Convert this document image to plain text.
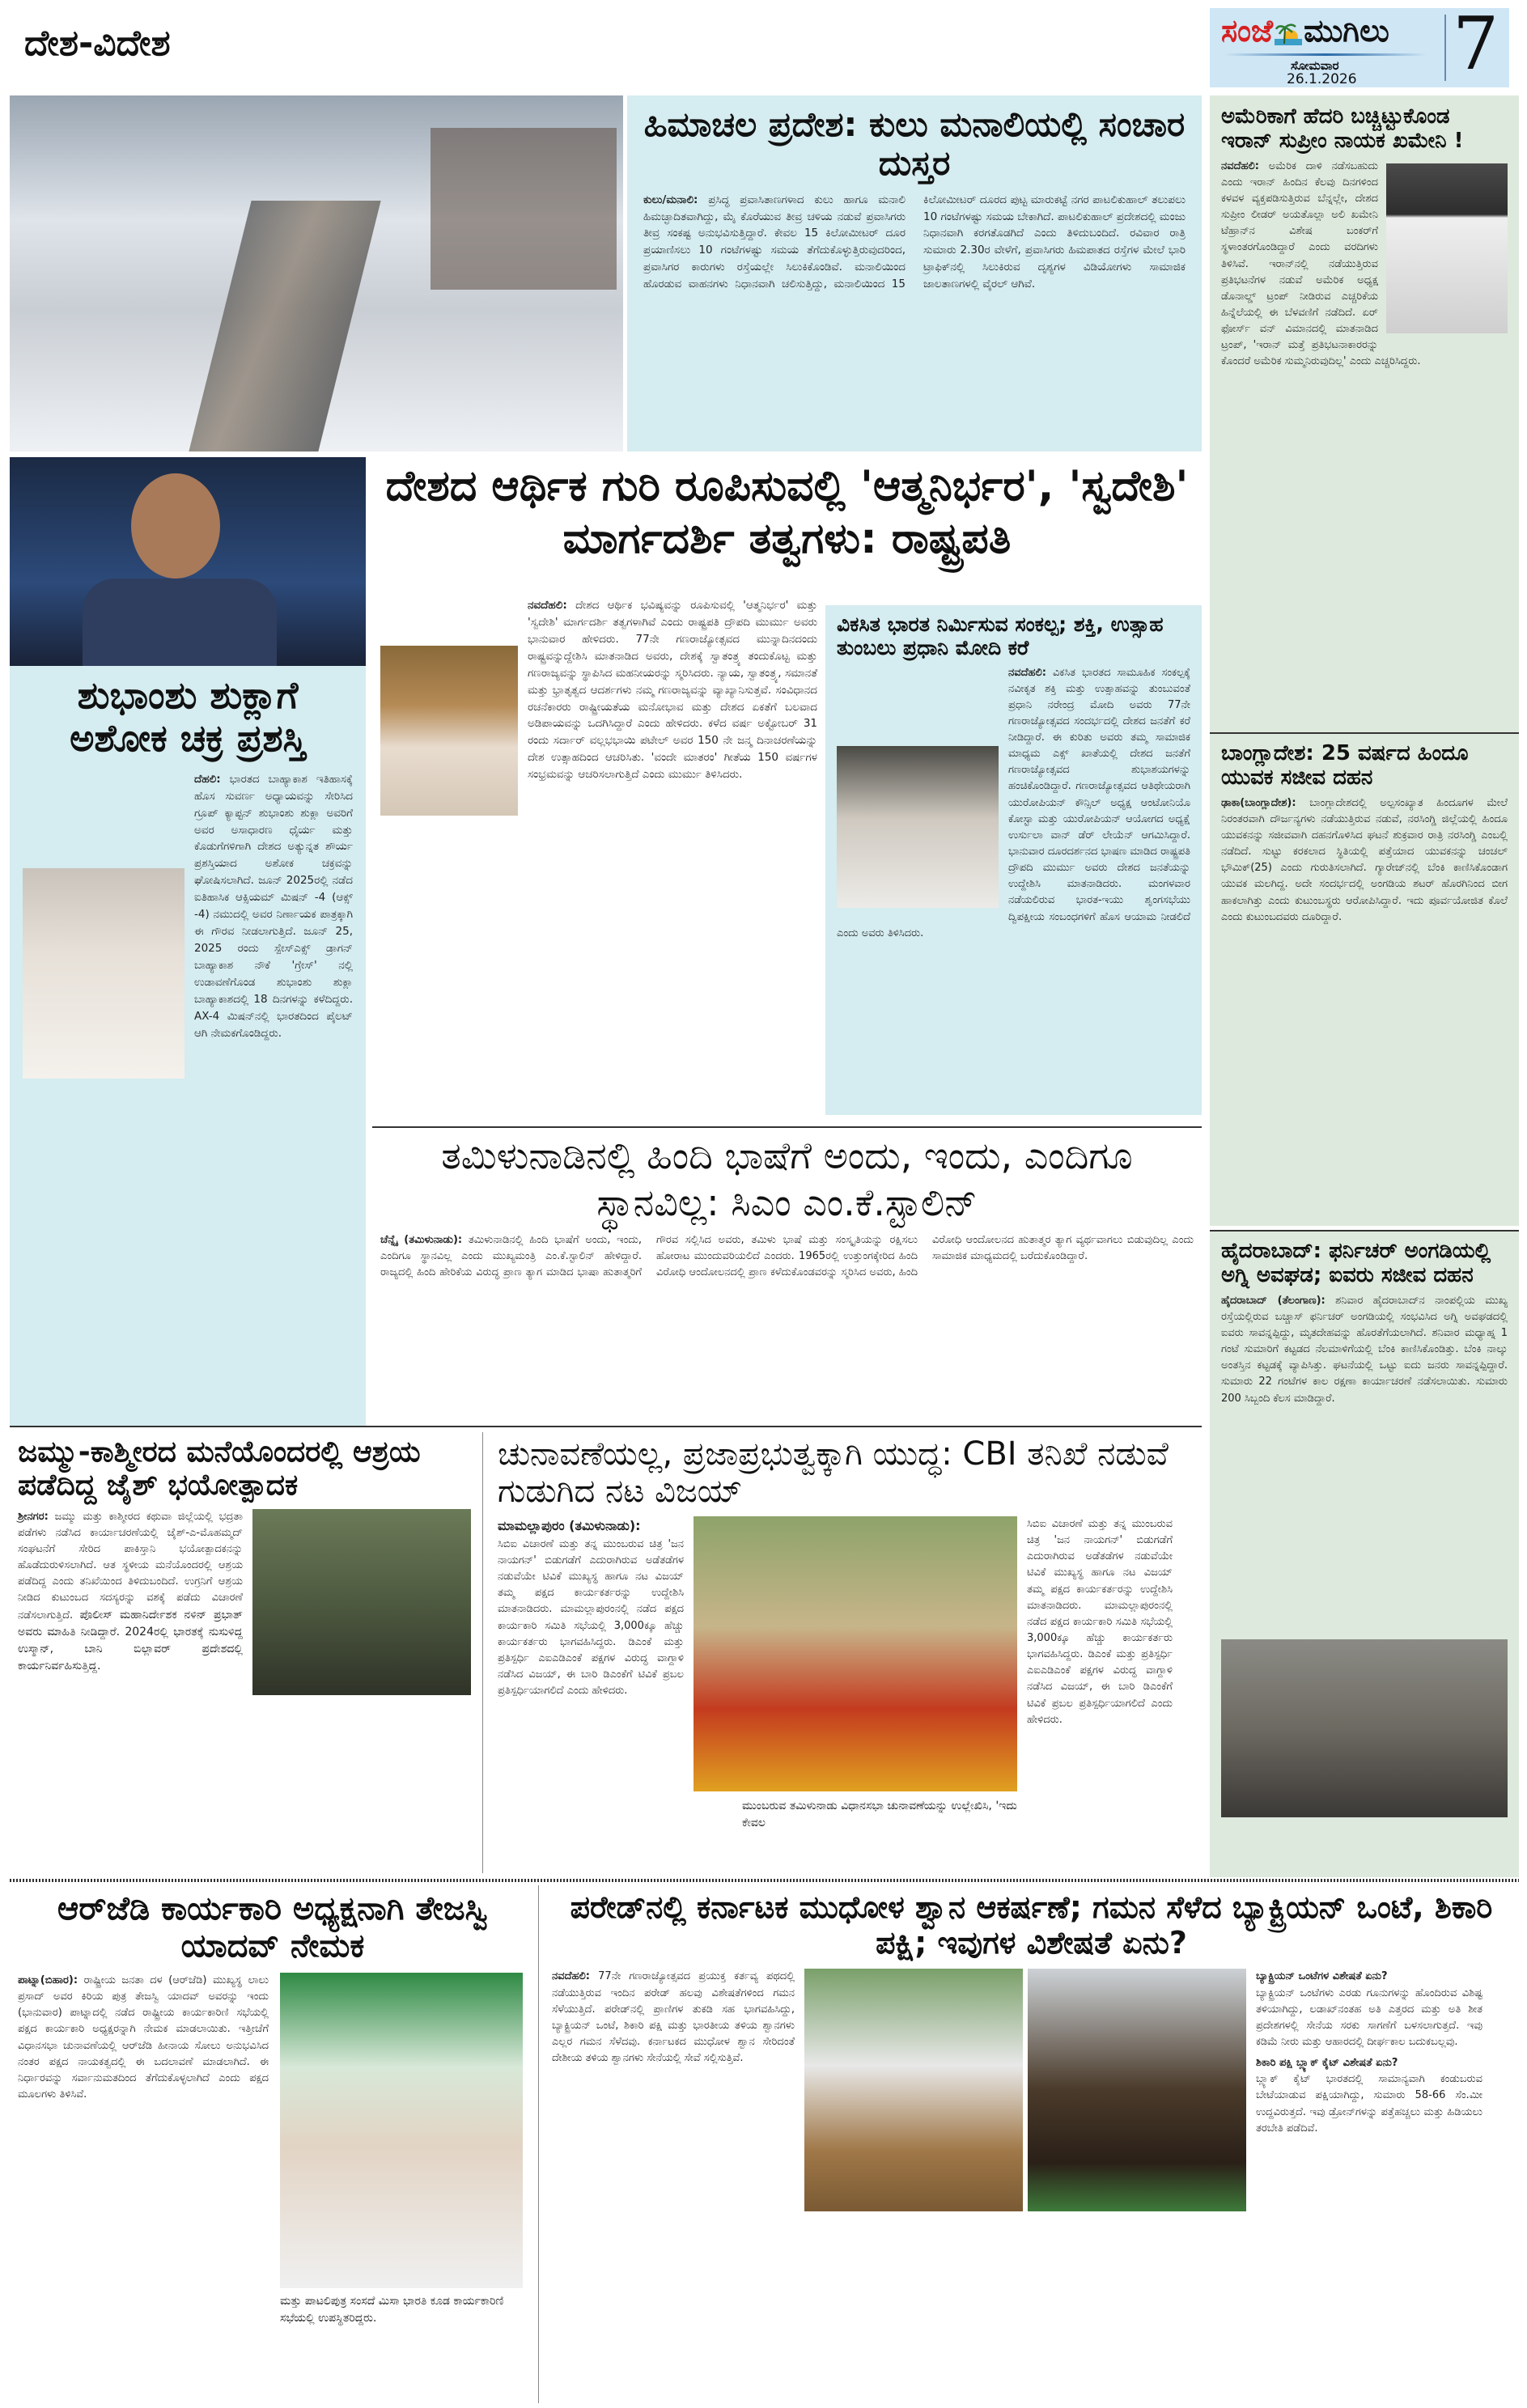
ದೇಶ-ವಿದೇಶ	ಸಂಜೆ ಮುಗಿಲು
ಸೋಮವಾರ
26.1.2026 7
ಹಿಮಾಚಲ ಪ್ರದೇಶ: ಕುಲು ಮನಾಲಿಯಲ್ಲಿ ಸಂಚಾರ ದುಸ್ತರ
ಕುಲು/ಮನಾಲಿ: ಪ್ರಸಿದ್ಧ ಪ್ರವಾಸಿತಾಣಗಳಾದ ಕುಲು ಹಾಗೂ ಮನಾಲಿ ಹಿಮಚ್ಛಾದಿತವಾಗಿದ್ದು, ಮೈ ಕೊರೆಯುವ ತೀವ್ರ ಚಳಿಯ ನಡುವೆ ಪ್ರವಾಸಿಗರು ತೀವ್ರ ಸಂಕಷ್ಟ ಅನುಭವಿಸುತ್ತಿದ್ದಾರೆ. ಕೇವಲ 15 ಕಿಲೋಮೀಟರ್ ದೂರ ಪ್ರಯಾಣಿಸಲು 10 ಗಂಟೆಗಳಷ್ಟು ಸಮಯ ತೆಗೆದುಕೊಳ್ಳುತ್ತಿರುವುದರಿಂದ, ಪ್ರವಾಸಿಗರ ಕಾರುಗಳು ರಸ್ತೆಯಲ್ಲೇ ಸಿಲುಕಿಕೊಂಡಿವೆ. ಮನಾಲಿಯಿಂದ ಹೊರಡುವ ವಾಹನಗಳು ನಿಧಾನವಾಗಿ ಚಲಿಸುತ್ತಿದ್ದು, ಮನಾಲಿಯಿಂದ 15 ಕಿಲೋಮೀಟರ್ ದೂರದ ಪುಟ್ಟ ಮಾರುಕಟ್ಟೆ ನಗರ ಪಾಟಲಿಕುಹಾಲ್ ತಲುಪಲು 10 ಗಂಟೆಗಳಷ್ಟು ಸಮಯ ಬೇಕಾಗಿದೆ. ಪಾಟಲಿಕುಹಾಲ್ ಪ್ರದೇಶದಲ್ಲಿ ಮಂಜು ನಿಧಾನವಾಗಿ ಕರಗತೊಡಗಿದೆ ಎಂದು ತಿಳಿದುಬಂದಿದೆ. ರವಿವಾರ ರಾತ್ರಿ ಸುಮಾರು 2.30ರ ವೇಳೆಗೆ, ಪ್ರವಾಸಿಗರು ಹಿಮಪಾತದ ರಸ್ತೆಗಳ ಮೇಲೆ ಭಾರಿ ಟ್ರಾಫಿಕ್‌ನಲ್ಲಿ ಸಿಲುಕಿರುವ ದೃಶ್ಯಗಳ ವಿಡಿಯೋಗಳು ಸಾಮಾಜಿಕ ಜಾಲತಾಣಗಳಲ್ಲಿ ವೈರಲ್ ಆಗಿವೆ.
ಅಮೆರಿಕಾಗೆ ಹೆದರಿ ಬಚ್ಚಿಟ್ಟುಕೊಂಡ ಇರಾನ್ ಸುಪ್ರೀಂ ನಾಯಕ ಖಮೇನಿ !
ನವದೆಹಲಿ: ಅಮೆರಿಕ ದಾಳಿ ನಡೆಸಬಹುದು ಎಂದು ಇರಾನ್ ಹಿಂದಿನ ಕೆಲವು ದಿನಗಳಿಂದ ಕಳವಳ ವ್ಯಕ್ತಪಡಿಸುತ್ತಿರುವ ಬೆನ್ನಲ್ಲೇ, ದೇಶದ ಸುಪ್ರೀಂ ಲೀಡರ್ ಅಯತೊಲ್ಲಾ ಅಲಿ ಖಮೇನಿ ಟೆಹ್ರಾನ್‌ನ ವಿಶೇಷ ಬಂಕರ್‌ಗೆ ಸ್ಥಳಾಂತರಗೊಂಡಿದ್ದಾರೆ ಎಂದು ವರದಿಗಳು ತಿಳಿಸಿವೆ. ಇರಾನ್‌ನಲ್ಲಿ ನಡೆಯುತ್ತಿರುವ ಪ್ರತಿಭಟನೆಗಳ ನಡುವೆ ಅಮೆರಿಕ ಅಧ್ಯಕ್ಷ ಡೊನಾಲ್ಡ್ ಟ್ರಂಪ್ ನೀಡಿರುವ ಎಚ್ಚರಿಕೆಯ ಹಿನ್ನೆಲೆಯಲ್ಲಿ ಈ ಬೆಳವಣಿಗೆ ನಡೆದಿದೆ. ಏರ್ ಫೋರ್ಸ್ ವನ್ ವಿಮಾನದಲ್ಲಿ ಮಾತನಾಡಿದ ಟ್ರಂಪ್, 'ಇರಾನ್ ಮತ್ತೆ ಪ್ರತಿಭಟನಾಕಾರರನ್ನು ಕೊಂದರೆ ಅಮೆರಿಕ ಸುಮ್ಮನಿರುವುದಿಲ್ಲ' ಎಂದು ಎಚ್ಚರಿಸಿದ್ದರು.
ಬಾಂಗ್ಲಾದೇಶ: 25 ವರ್ಷದ ಹಿಂದೂ ಯುವಕ ಸಜೀವ ದಹನ
ಢಾಕಾ(ಬಾಂಗ್ಲಾದೇಶ): ಬಾಂಗ್ಲಾದೇಶದಲ್ಲಿ ಅಲ್ಪಸಂಖ್ಯಾತ ಹಿಂದೂಗಳ ಮೇಲೆ ನಿರಂತರವಾಗಿ ದೌರ್ಜನ್ಯಗಳು ನಡೆಯುತ್ತಿರುವ ನಡುವೆ, ನರಸಿಂಗ್ಡಿ ಜಿಲ್ಲೆಯಲ್ಲಿ ಹಿಂದೂ ಯುವಕನನ್ನು ಸಜೀವವಾಗಿ ದಹನಗೊಳಿಸಿದ ಘಟನೆ ಶುಕ್ರವಾರ ರಾತ್ರಿ ನರಸಿಂಗ್ಡಿ ಎಂಬಲ್ಲಿ ನಡೆದಿದೆ. ಸುಟ್ಟು ಕರಕಲಾದ ಸ್ಥಿತಿಯಲ್ಲಿ ಪತ್ತೆಯಾದ ಯುವಕನನ್ನು ಚಂಚಲ್ ಭೌಮಿಕ್(25) ಎಂದು ಗುರುತಿಸಲಾಗಿದೆ. ಗ್ಯಾರೇಜ್‌ನಲ್ಲಿ ಬೆಂಕಿ ಕಾಣಿಸಿಕೊಂಡಾಗ ಯುವಕ ಮಲಗಿದ್ದ. ಅದೇ ಸಂದರ್ಭದಲ್ಲಿ ಅಂಗಡಿಯ ಶಟರ್ ಹೊರಗಿನಿಂದ ಬೀಗ ಹಾಕಲಾಗಿತ್ತು ಎಂದು ಕುಟುಂಬಸ್ಥರು ಆರೋಪಿಸಿದ್ದಾರೆ. ಇದು ಪೂರ್ವಯೋಜಿತ ಕೊಲೆ ಎಂದು ಕುಟುಂಬದವರು ದೂರಿದ್ದಾರೆ.
ಹೈದರಾಬಾದ್: ಫರ್ನಿಚರ್ ಅಂಗಡಿಯಲ್ಲಿ ಅಗ್ನಿ ಅವಘಡ; ಐವರು ಸಜೀವ ದಹನ
ಹೈದರಾಬಾದ್ (ತೆಲಂಗಾಣ): ಶನಿವಾರ ಹೈದರಾಬಾದ್‌ನ ನಾಂಪಲ್ಲಿಯ ಮುಖ್ಯ ರಸ್ತೆಯಲ್ಲಿರುವ ಬಚ್ಚಾಸ್ ಫರ್ನಿಚರ್ ಅಂಗಡಿಯಲ್ಲಿ ಸಂಭವಿಸಿದ ಅಗ್ನಿ ಅವಘಡದಲ್ಲಿ ಐವರು ಸಾವನ್ನಪ್ಪಿದ್ದು, ಮೃತದೇಹವನ್ನು ಹೊರತೆಗೆಯಲಾಗಿದೆ. ಶನಿವಾರ ಮಧ್ಯಾಹ್ನ 1 ಗಂಟೆ ಸುಮಾರಿಗೆ ಕಟ್ಟಡದ ನೆಲಮಾಳಿಗೆಯಲ್ಲಿ ಬೆಂಕಿ ಕಾಣಿಸಿಕೊಂಡಿತ್ತು. ಬೆಂಕಿ ನಾಲ್ಕು ಅಂತಸ್ತಿನ ಕಟ್ಟಡಕ್ಕೆ ವ್ಯಾಪಿಸಿತ್ತು. ಘಟನೆಯಲ್ಲಿ ಒಟ್ಟು ಐದು ಜನರು ಸಾವನ್ನಪ್ಪಿದ್ದಾರೆ. ಸುಮಾರು 22 ಗಂಟೆಗಳ ಕಾಲ ರಕ್ಷಣಾ ಕಾರ್ಯಾಚರಣೆ ನಡೆಸಲಾಯಿತು. ಸುಮಾರು 200 ಸಿಬ್ಬಂದಿ ಕೆಲಸ ಮಾಡಿದ್ದಾರೆ.
ಶುಭಾಂಶು ಶುಕ್ಲಾಗೆ ಅಶೋಕ ಚಕ್ರ ಪ್ರಶಸ್ತಿ
ದೆಹಲಿ: ಭಾರತದ ಬಾಹ್ಯಾಕಾಶ ಇತಿಹಾಸಕ್ಕೆ ಹೊಸ ಸುವರ್ಣ ಅಧ್ಯಾಯವನ್ನು ಸೇರಿಸಿದ ಗ್ರೂಪ್ ಕ್ಯಾಪ್ಟನ್ ಶುಭಾಂಶು ಶುಕ್ಲಾ ಅವರಿಗೆ ಅವರ ಅಸಾಧಾರಣ ಧೈರ್ಯ ಮತ್ತು ಕೊಡುಗೆಗಳಿಗಾಗಿ ದೇಶದ ಅತ್ಯುನ್ನತ ಶೌರ್ಯ ಪ್ರಶಸ್ತಿಯಾದ ಅಶೋಕ ಚಕ್ರವನ್ನು ಘೋಷಿಸಲಾಗಿದೆ. ಜೂನ್ 2025ರಲ್ಲಿ ನಡೆದ ಐತಿಹಾಸಿಕ ಆಕ್ಸಿಯಮ್ ಮಿಷನ್ -4 (ಆಕ್ಸ್ -4) ನಮುದಲ್ಲಿ ಅವರ ನಿರ್ಣಾಯಕ ಪಾತ್ರಕ್ಕಾಗಿ ಈ ಗೌರವ ನೀಡಲಾಗುತ್ತಿದೆ. ಜೂನ್ 25, 2025 ರಂದು ಸ್ಪೇಸ್‌ಎಕ್ಸ್ ಡ್ರಾಗನ್ ಬಾಹ್ಯಾಕಾಶ ನೌಕೆ 'ಗ್ರೇಸ್' ನಲ್ಲಿ ಉಡಾವಣೆಗೊಂಡ ಶುಭಾಂಶು ಶುಕ್ಲಾ ಬಾಹ್ಯಾಕಾಶದಲ್ಲಿ 18 ದಿನಗಳನ್ನು ಕಳೆದಿದ್ದರು. AX-4 ಮಿಷನ್‌ನಲ್ಲಿ ಭಾರತದಿಂದ ಪೈಲಟ್ ಆಗಿ ನೇಮಕಗೊಂಡಿದ್ದರು.
ದೇಶದ ಆರ್ಥಿಕ ಗುರಿ ರೂಪಿಸುವಲ್ಲಿ 'ಆತ್ಮನಿರ್ಭರ', 'ಸ್ವದೇಶಿ' ಮಾರ್ಗದರ್ಶಿ ತತ್ವಗಳು: ರಾಷ್ಟ್ರಪತಿ
ನವದೆಹಲಿ: ದೇಶದ ಆರ್ಥಿಕ ಭವಿಷ್ಯವನ್ನು ರೂಪಿಸುವಲ್ಲಿ 'ಆತ್ಮನಿರ್ಭರ' ಮತ್ತು 'ಸ್ವದೇಶಿ' ಮಾರ್ಗದರ್ಶಿ ತತ್ವಗಳಾಗಿವೆ ಎಂದು ರಾಷ್ಟ್ರಪತಿ ದ್ರೌಪದಿ ಮುರ್ಮು ಅವರು ಭಾನುವಾರ ಹೇಳಿದರು. 77ನೇ ಗಣರಾಜ್ಯೋತ್ಸವದ ಮುನ್ನಾದಿನದಂದು ರಾಷ್ಟ್ರವನ್ನುದ್ದೇಶಿಸಿ ಮಾತನಾಡಿದ ಅವರು, ದೇಶಕ್ಕೆ ಸ್ವಾತಂತ್ರ್ಯ ತಂದುಕೊಟ್ಟ ಮತ್ತು ಗಣರಾಜ್ಯವನ್ನು ಸ್ಥಾಪಿಸಿದ ಮಹನೀಯರನ್ನು ಸ್ಮರಿಸಿದರು. ನ್ಯಾಯ, ಸ್ವಾತಂತ್ರ್ಯ, ಸಮಾನತೆ ಮತ್ತು ಭ್ರಾತೃತ್ವದ ಆದರ್ಶಗಳು ನಮ್ಮ ಗಣರಾಜ್ಯವನ್ನು ವ್ಯಾಖ್ಯಾನಿಸುತ್ತವೆ. ಸಂವಿಧಾನದ ರಚನೆಕಾರರು ರಾಷ್ಟ್ರೀಯತೆಯ ಮನೋಭಾವ ಮತ್ತು ದೇಶದ ಏಕತೆಗೆ ಬಲವಾದ ಅಡಿಪಾಯವನ್ನು ಒದಗಿಸಿದ್ದಾರೆ ಎಂದು ಹೇಳಿದರು. ಕಳೆದ ವರ್ಷ ಅಕ್ಟೋಬರ್ 31 ರಂದು ಸರ್ದಾರ್ ವಲ್ಲಭಭಾಯಿ ಪಟೇಲ್ ಅವರ 150 ನೇ ಜನ್ಮ ದಿನಾಚರಣೆಯನ್ನು ದೇಶ ಉತ್ಸಾಹದಿಂದ ಆಚರಿಸಿತು. 'ವಂದೇ ಮಾತರಂ' ಗೀತೆಯ 150 ವರ್ಷಗಳ ಸಂಭ್ರಮವನ್ನು ಆಚರಿಸಲಾಗುತ್ತಿದೆ ಎಂದು ಮುರ್ಮು ತಿಳಿಸಿದರು.
ವಿಕಸಿತ ಭಾರತ ನಿರ್ಮಿಸುವ ಸಂಕಲ್ಪ; ಶಕ್ತಿ, ಉತ್ಸಾಹ ತುಂಬಲು ಪ್ರಧಾನಿ ಮೋದಿ ಕರೆ
ನವದೆಹಲಿ: ವಿಕಸಿತ ಭಾರತದ ಸಾಮೂಹಿಕ ಸಂಕಲ್ಪಕ್ಕೆ ನವೀಕೃತ ಶಕ್ತಿ ಮತ್ತು ಉತ್ಸಾಹವನ್ನು ತುಂಬುವಂತೆ ಪ್ರಧಾನಿ ನರೇಂದ್ರ ಮೋದಿ ಅವರು 77ನೇ ಗಣರಾಜ್ಯೋತ್ಸವದ ಸಂದರ್ಭದಲ್ಲಿ ದೇಶದ ಜನತೆಗೆ ಕರೆ ನೀಡಿದ್ದಾರೆ. ಈ ಕುರಿತು ಅವರು ತಮ್ಮ ಸಾಮಾಜಿಕ ಮಾಧ್ಯಮ ಎಕ್ಸ್ ಖಾತೆಯಲ್ಲಿ ದೇಶದ ಜನತೆಗೆ ಗಣರಾಜ್ಯೋತ್ಸವದ ಶುಭಾಶಯಗಳನ್ನು ಹಂಚಿಕೊಂಡಿದ್ದಾರೆ. ಗಣರಾಜ್ಯೋತ್ಸವದ ಆತಿಥೇಯರಾಗಿ ಯುರೋಪಿಯನ್ ಕೌನ್ಸಿಲ್ ಅಧ್ಯಕ್ಷ ಆಂಟೋನಿಯೊ ಕೋಸ್ಟಾ ಮತ್ತು ಯುರೋಪಿಯನ್ ಆಯೋಗದ ಅಧ್ಯಕ್ಷೆ ಉರ್ಸುಲಾ ವಾನ್ ಡೆರ್ ಲೇಯೆನ್ ಆಗಮಿಸಿದ್ದಾರೆ. ಭಾನುವಾರ ದೂರದರ್ಶನದ ಭಾಷಣ ಮಾಡಿದ ರಾಷ್ಟ್ರಪತಿ ದ್ರೌಪದಿ ಮುರ್ಮು ಅವರು ದೇಶದ ಜನತೆಯನ್ನು ಉದ್ದೇಶಿಸಿ ಮಾತನಾಡಿದರು. ಮಂಗಳವಾರ ನಡೆಯಲಿರುವ ಭಾರತ-ಇಯು ಶೃಂಗಸಭೆಯು ದ್ವಿಪಕ್ಷೀಯ ಸಂಬಂಧಗಳಿಗೆ ಹೊಸ ಆಯಾಮ ನೀಡಲಿದೆ ಎಂದು ಅವರು ತಿಳಿಸಿದರು.
ತಮಿಳುನಾಡಿನಲ್ಲಿ ಹಿಂದಿ ಭಾಷೆಗೆ ಅಂದು, ಇಂದು, ಎಂದಿಗೂ ಸ್ಥಾನವಿಲ್ಲ: ಸಿಎಂ ಎಂ.ಕೆ.ಸ್ಟಾಲಿನ್
ಚೆನ್ನೈ (ತಮಿಳುನಾಡು): ತಮಿಳುನಾಡಿನಲ್ಲಿ ಹಿಂದಿ ಭಾಷೆಗೆ ಅಂದು, ಇಂದು, ಎಂದಿಗೂ ಸ್ಥಾನವಿಲ್ಲ ಎಂದು ಮುಖ್ಯಮಂತ್ರಿ ಎಂ.ಕೆ.ಸ್ಟಾಲಿನ್ ಹೇಳಿದ್ದಾರೆ. ರಾಜ್ಯದಲ್ಲಿ ಹಿಂದಿ ಹೇರಿಕೆಯ ವಿರುದ್ಧ ಪ್ರಾಣ ತ್ಯಾಗ ಮಾಡಿದ ಭಾಷಾ ಹುತಾತ್ಮರಿಗೆ ಗೌರವ ಸಲ್ಲಿಸಿದ ಅವರು, ತಮಿಳು ಭಾಷೆ ಮತ್ತು ಸಂಸ್ಕೃತಿಯನ್ನು ರಕ್ಷಿಸಲು ಹೋರಾಟ ಮುಂದುವರಿಯಲಿದೆ ಎಂದರು. 1965ರಲ್ಲಿ ಉತ್ತುಂಗಕ್ಕೇರಿದ ಹಿಂದಿ ವಿರೋಧಿ ಆಂದೋಲನದಲ್ಲಿ ಪ್ರಾಣ ಕಳೆದುಕೊಂಡವರನ್ನು ಸ್ಮರಿಸಿದ ಅವರು, ಹಿಂದಿ ವಿರೋಧಿ ಆಂದೋಲನದ ಹುತಾತ್ಮರ ತ್ಯಾಗ ವ್ಯರ್ಥವಾಗಲು ಬಿಡುವುದಿಲ್ಲ ಎಂದು ಸಾಮಾಜಿಕ ಮಾಧ್ಯಮದಲ್ಲಿ ಬರೆದುಕೊಂಡಿದ್ದಾರೆ.
ಜಮ್ಮು-ಕಾಶ್ಮೀರದ ಮನೆಯೊಂದರಲ್ಲಿ ಆಶ್ರಯ ಪಡೆದಿದ್ದ ಜೈಶ್ ಭಯೋತ್ಪಾದಕ
ಶ್ರೀನಗರ: ಜಮ್ಮು ಮತ್ತು ಕಾಶ್ಮೀರದ ಕಥುವಾ ಜಿಲ್ಲೆಯಲ್ಲಿ ಭದ್ರತಾ ಪಡೆಗಳು ನಡೆಸಿದ ಕಾರ್ಯಾಚರಣೆಯಲ್ಲಿ ಜೈಶ್-ಎ-ಮೊಹಮ್ಮದ್ ಸಂಘಟನೆಗೆ ಸೇರಿದ ಪಾಕಿಸ್ತಾನಿ ಭಯೋತ್ಪಾದಕನನ್ನು ಹೊಡೆದುರುಳಿಸಲಾಗಿದೆ. ಆತ ಸ್ಥಳೀಯ ಮನೆಯೊಂದರಲ್ಲಿ ಆಶ್ರಯ ಪಡೆದಿದ್ದ ಎಂದು ತನಿಖೆಯಿಂದ ತಿಳಿದುಬಂದಿದೆ. ಉಗ್ರನಿಗೆ ಆಶ್ರಯ ನೀಡಿದ ಕುಟುಂಬದ ಸದಸ್ಯರನ್ನು ವಶಕ್ಕೆ ಪಡೆದು ವಿಚಾರಣೆ ನಡೆಸಲಾಗುತ್ತಿದೆ. ಪೊಲೀಸ್ ಮಹಾನಿರ್ದೇಶಕ ನಳಿನ್ ಪ್ರಭಾತ್ ಅವರು ಮಾಹಿತಿ ನೀಡಿದ್ದಾರೆ. 2024ರಲ್ಲಿ ಭಾರತಕ್ಕೆ ನುಸುಳಿದ್ದ ಉಸ್ಮಾನ್, ಬಾನಿ ಬಿಲ್ಲಾವರ್ ಪ್ರದೇಶದಲ್ಲಿ ಕಾರ್ಯನಿರ್ವಹಿಸುತ್ತಿದ್ದ.
ಚುನಾವಣೆಯಲ್ಲ, ಪ್ರಜಾಪ್ರಭುತ್ವಕ್ಕಾಗಿ ಯುದ್ಧ: CBI ತನಿಖೆ ನಡುವೆ ಗುಡುಗಿದ ನಟ ವಿಜಯ್
ಮಾಮಲ್ಲಾಪುರಂ (ತಮಿಳುನಾಡು):
ಸಿಬಿಐ ವಿಚಾರಣೆ ಮತ್ತು ತನ್ನ ಮುಂಬರುವ ಚಿತ್ರ 'ಜನ ನಾಯಗನ್' ಬಿಡುಗಡೆಗೆ ಎದುರಾಗಿರುವ ಅಡೆತಡೆಗಳ ನಡುವೆಯೇ ಟಿವಿಕೆ ಮುಖ್ಯಸ್ಥ ಹಾಗೂ ನಟ ವಿಜಯ್ ತಮ್ಮ ಪಕ್ಷದ ಕಾರ್ಯಕರ್ತರನ್ನು ಉದ್ದೇಶಿಸಿ ಮಾತನಾಡಿದರು. ಮಾಮಲ್ಲಾಪುರಂನಲ್ಲಿ ನಡೆದ ಪಕ್ಷದ ಕಾರ್ಯಕಾರಿ ಸಮಿತಿ ಸಭೆಯಲ್ಲಿ 3,000ಕ್ಕೂ ಹೆಚ್ಚು ಕಾರ್ಯಕರ್ತರು ಭಾಗವಹಿಸಿದ್ದರು. ಡಿಎಂಕೆ ಮತ್ತು ಪ್ರತಿಸ್ಪರ್ಧಿ ಎಐಎಡಿಎಂಕೆ ಪಕ್ಷಗಳ ವಿರುದ್ಧ ವಾಗ್ದಾಳಿ ನಡೆಸಿದ ವಿಜಯ್, ಈ ಬಾರಿ ಡಿಎಂಕೆಗೆ ಟಿವಿಕೆ ಪ್ರಬಲ ಪ್ರತಿಸ್ಪರ್ಧಿಯಾಗಲಿದೆ ಎಂದು ಹೇಳಿದರು.
ಮುಂಬರುವ ತಮಿಳುನಾಡು ವಿಧಾನಸಭಾ ಚುನಾವಣೆಯನ್ನು ಉಲ್ಲೇಖಿಸಿ, 'ಇದು ಕೇವಲ
ಸಿಬಿಐ ವಿಚಾರಣೆ ಮತ್ತು ತನ್ನ ಮುಂಬರುವ ಚಿತ್ರ 'ಜನ ನಾಯಗನ್' ಬಿಡುಗಡೆಗೆ ಎದುರಾಗಿರುವ ಅಡೆತಡೆಗಳ ನಡುವೆಯೇ ಟಿವಿಕೆ ಮುಖ್ಯಸ್ಥ ಹಾಗೂ ನಟ ವಿಜಯ್ ತಮ್ಮ ಪಕ್ಷದ ಕಾರ್ಯಕರ್ತರನ್ನು ಉದ್ದೇಶಿಸಿ ಮಾತನಾಡಿದರು. ಮಾಮಲ್ಲಾಪುರಂನಲ್ಲಿ ನಡೆದ ಪಕ್ಷದ ಕಾರ್ಯಕಾರಿ ಸಮಿತಿ ಸಭೆಯಲ್ಲಿ 3,000ಕ್ಕೂ ಹೆಚ್ಚು ಕಾರ್ಯಕರ್ತರು ಭಾಗವಹಿಸಿದ್ದರು. ಡಿಎಂಕೆ ಮತ್ತು ಪ್ರತಿಸ್ಪರ್ಧಿ ಎಐಎಡಿಎಂಕೆ ಪಕ್ಷಗಳ ವಿರುದ್ಧ ವಾಗ್ದಾಳಿ ನಡೆಸಿದ ವಿಜಯ್, ಈ ಬಾರಿ ಡಿಎಂಕೆಗೆ ಟಿವಿಕೆ ಪ್ರಬಲ ಪ್ರತಿಸ್ಪರ್ಧಿಯಾಗಲಿದೆ ಎಂದು ಹೇಳಿದರು.
ಆರ್‌ಜೆಡಿ ಕಾರ್ಯಕಾರಿ ಅಧ್ಯಕ್ಷನಾಗಿ ತೇಜಸ್ವಿ ಯಾದವ್ ನೇಮಕ
ಪಾಟ್ನಾ(ಬಿಹಾರ): ರಾಷ್ಟ್ರೀಯ ಜನತಾ ದಳ (ಆರ್‌ಜೆಡಿ) ಮುಖ್ಯಸ್ಥ ಲಾಲು ಪ್ರಸಾದ್ ಅವರ ಕಿರಿಯ ಪುತ್ರ ತೇಜಸ್ವಿ ಯಾದವ್ ಅವರನ್ನು ಇಂದು (ಭಾನುವಾರ) ಪಾಟ್ನಾದಲ್ಲಿ ನಡೆದ ರಾಷ್ಟ್ರೀಯ ಕಾರ್ಯಕಾರಿಣಿ ಸಭೆಯಲ್ಲಿ ಪಕ್ಷದ ಕಾರ್ಯಕಾರಿ ಅಧ್ಯಕ್ಷರನ್ನಾಗಿ ನೇಮಕ ಮಾಡಲಾಯಿತು. ಇತ್ತೀಚೆಗೆ ವಿಧಾನಸಭಾ ಚುನಾವಣೆಯಲ್ಲಿ ಆರ್‌ಜೆಡಿ ಹೀನಾಯ ಸೋಲು ಅನುಭವಿಸಿದ ನಂತರ ಪಕ್ಷದ ನಾಯಕತ್ವದಲ್ಲಿ ಈ ಬದಲಾವಣೆ ಮಾಡಲಾಗಿದೆ. ಈ ನಿರ್ಧಾರವನ್ನು ಸರ್ವಾನುಮತದಿಂದ ತೆಗೆದುಕೊಳ್ಳಲಾಗಿದೆ ಎಂದು ಪಕ್ಷದ ಮೂಲಗಳು ತಿಳಿಸಿವೆ.
ಮತ್ತು ಪಾಟಲಿಪುತ್ರ ಸಂಸದೆ ಮಿಸಾ ಭಾರತಿ ಕೂಡ ಕಾರ್ಯಕಾರಿಣಿ ಸಭೆಯಲ್ಲಿ ಉಪಸ್ಥಿತರಿದ್ದರು.
ಪರೇಡ್‌ನಲ್ಲಿ ಕರ್ನಾಟಕ ಮುಧೋಳ ಶ್ವಾನ ಆಕರ್ಷಣೆ; ಗಮನ ಸೆಳೆದ ಬ್ಯಾಕ್ಟ್ರಿಯನ್ ಒಂಟೆ, ಶಿಕಾರಿ ಪಕ್ಷಿ; ಇವುಗಳ ವಿಶೇಷತೆ ಏನು?
ನವದೆಹಲಿ: 77ನೇ ಗಣರಾಜ್ಯೋತ್ಸವದ ಪ್ರಯುಕ್ತ ಕರ್ತವ್ಯ ಪಥದಲ್ಲಿ ನಡೆಯುತ್ತಿರುವ ಇಂದಿನ ಪರೇಡ್ ಹಲವು ವಿಶೇಷತೆಗಳಿಂದ ಗಮನ ಸೆಳೆಯುತ್ತಿದೆ. ಪರೇಡ್‌ನಲ್ಲಿ ಪ್ರಾಣಿಗಳ ತುಕಡಿ ಸಹ ಭಾಗವಹಿಸಿದ್ದು, ಬ್ಯಾಕ್ಟ್ರಿಯನ್ ಒಂಟೆ, ಶಿಕಾರಿ ಪಕ್ಷಿ ಮತ್ತು ಭಾರತೀಯ ತಳಿಯ ಶ್ವಾನಗಳು ಎಲ್ಲರ ಗಮನ ಸೆಳೆದವು. ಕರ್ನಾಟಕದ ಮುಧೋಳ ಶ್ವಾನ ಸೇರಿದಂತೆ ದೇಶೀಯ ತಳಿಯ ಶ್ವಾನಗಳು ಸೇನೆಯಲ್ಲಿ ಸೇವೆ ಸಲ್ಲಿಸುತ್ತಿವೆ.
ಬ್ಯಾಕ್ಟ್ರಿಯನ್ ಒಂಟೆಗಳ ವಿಶೇಷತೆ ಏನು?
ಬ್ಯಾಕ್ಟ್ರಿಯನ್ ಒಂಟೆಗಳು ಎರಡು ಗೂನುಗಳನ್ನು ಹೊಂದಿರುವ ವಿಶಿಷ್ಟ ತಳಿಯಾಗಿದ್ದು, ಲಡಾಖ್‌ನಂತಹ ಅತಿ ಎತ್ತರದ ಮತ್ತು ಅತಿ ಶೀತ ಪ್ರದೇಶಗಳಲ್ಲಿ ಸೇನೆಯ ಸರಕು ಸಾಗಣೆಗೆ ಬಳಸಲಾಗುತ್ತದೆ. ಇವು ಕಡಿಮೆ ನೀರು ಮತ್ತು ಆಹಾರದಲ್ಲಿ ದೀರ್ಘಕಾಲ ಬದುಕಬಲ್ಲವು.
ಶಿಕಾರಿ ಪಕ್ಷಿ ಬ್ಲ್ಯಾಕ್ ಕೈಟ್ ವಿಶೇಷತೆ ಏನು?
ಬ್ಲ್ಯಾಕ್ ಕೈಟ್ ಭಾರತದಲ್ಲಿ ಸಾಮಾನ್ಯವಾಗಿ ಕಂಡುಬರುವ ಬೇಟೆಯಾಡುವ ಪಕ್ಷಿಯಾಗಿದ್ದು, ಸುಮಾರು 58-66 ಸೆಂ.ಮೀ ಉದ್ದವಿರುತ್ತದೆ. ಇವು ಡ್ರೋನ್‌ಗಳನ್ನು ಪತ್ತೆಹಚ್ಚಲು ಮತ್ತು ಹಿಡಿಯಲು ತರಬೇತಿ ಪಡೆದಿವೆ.
